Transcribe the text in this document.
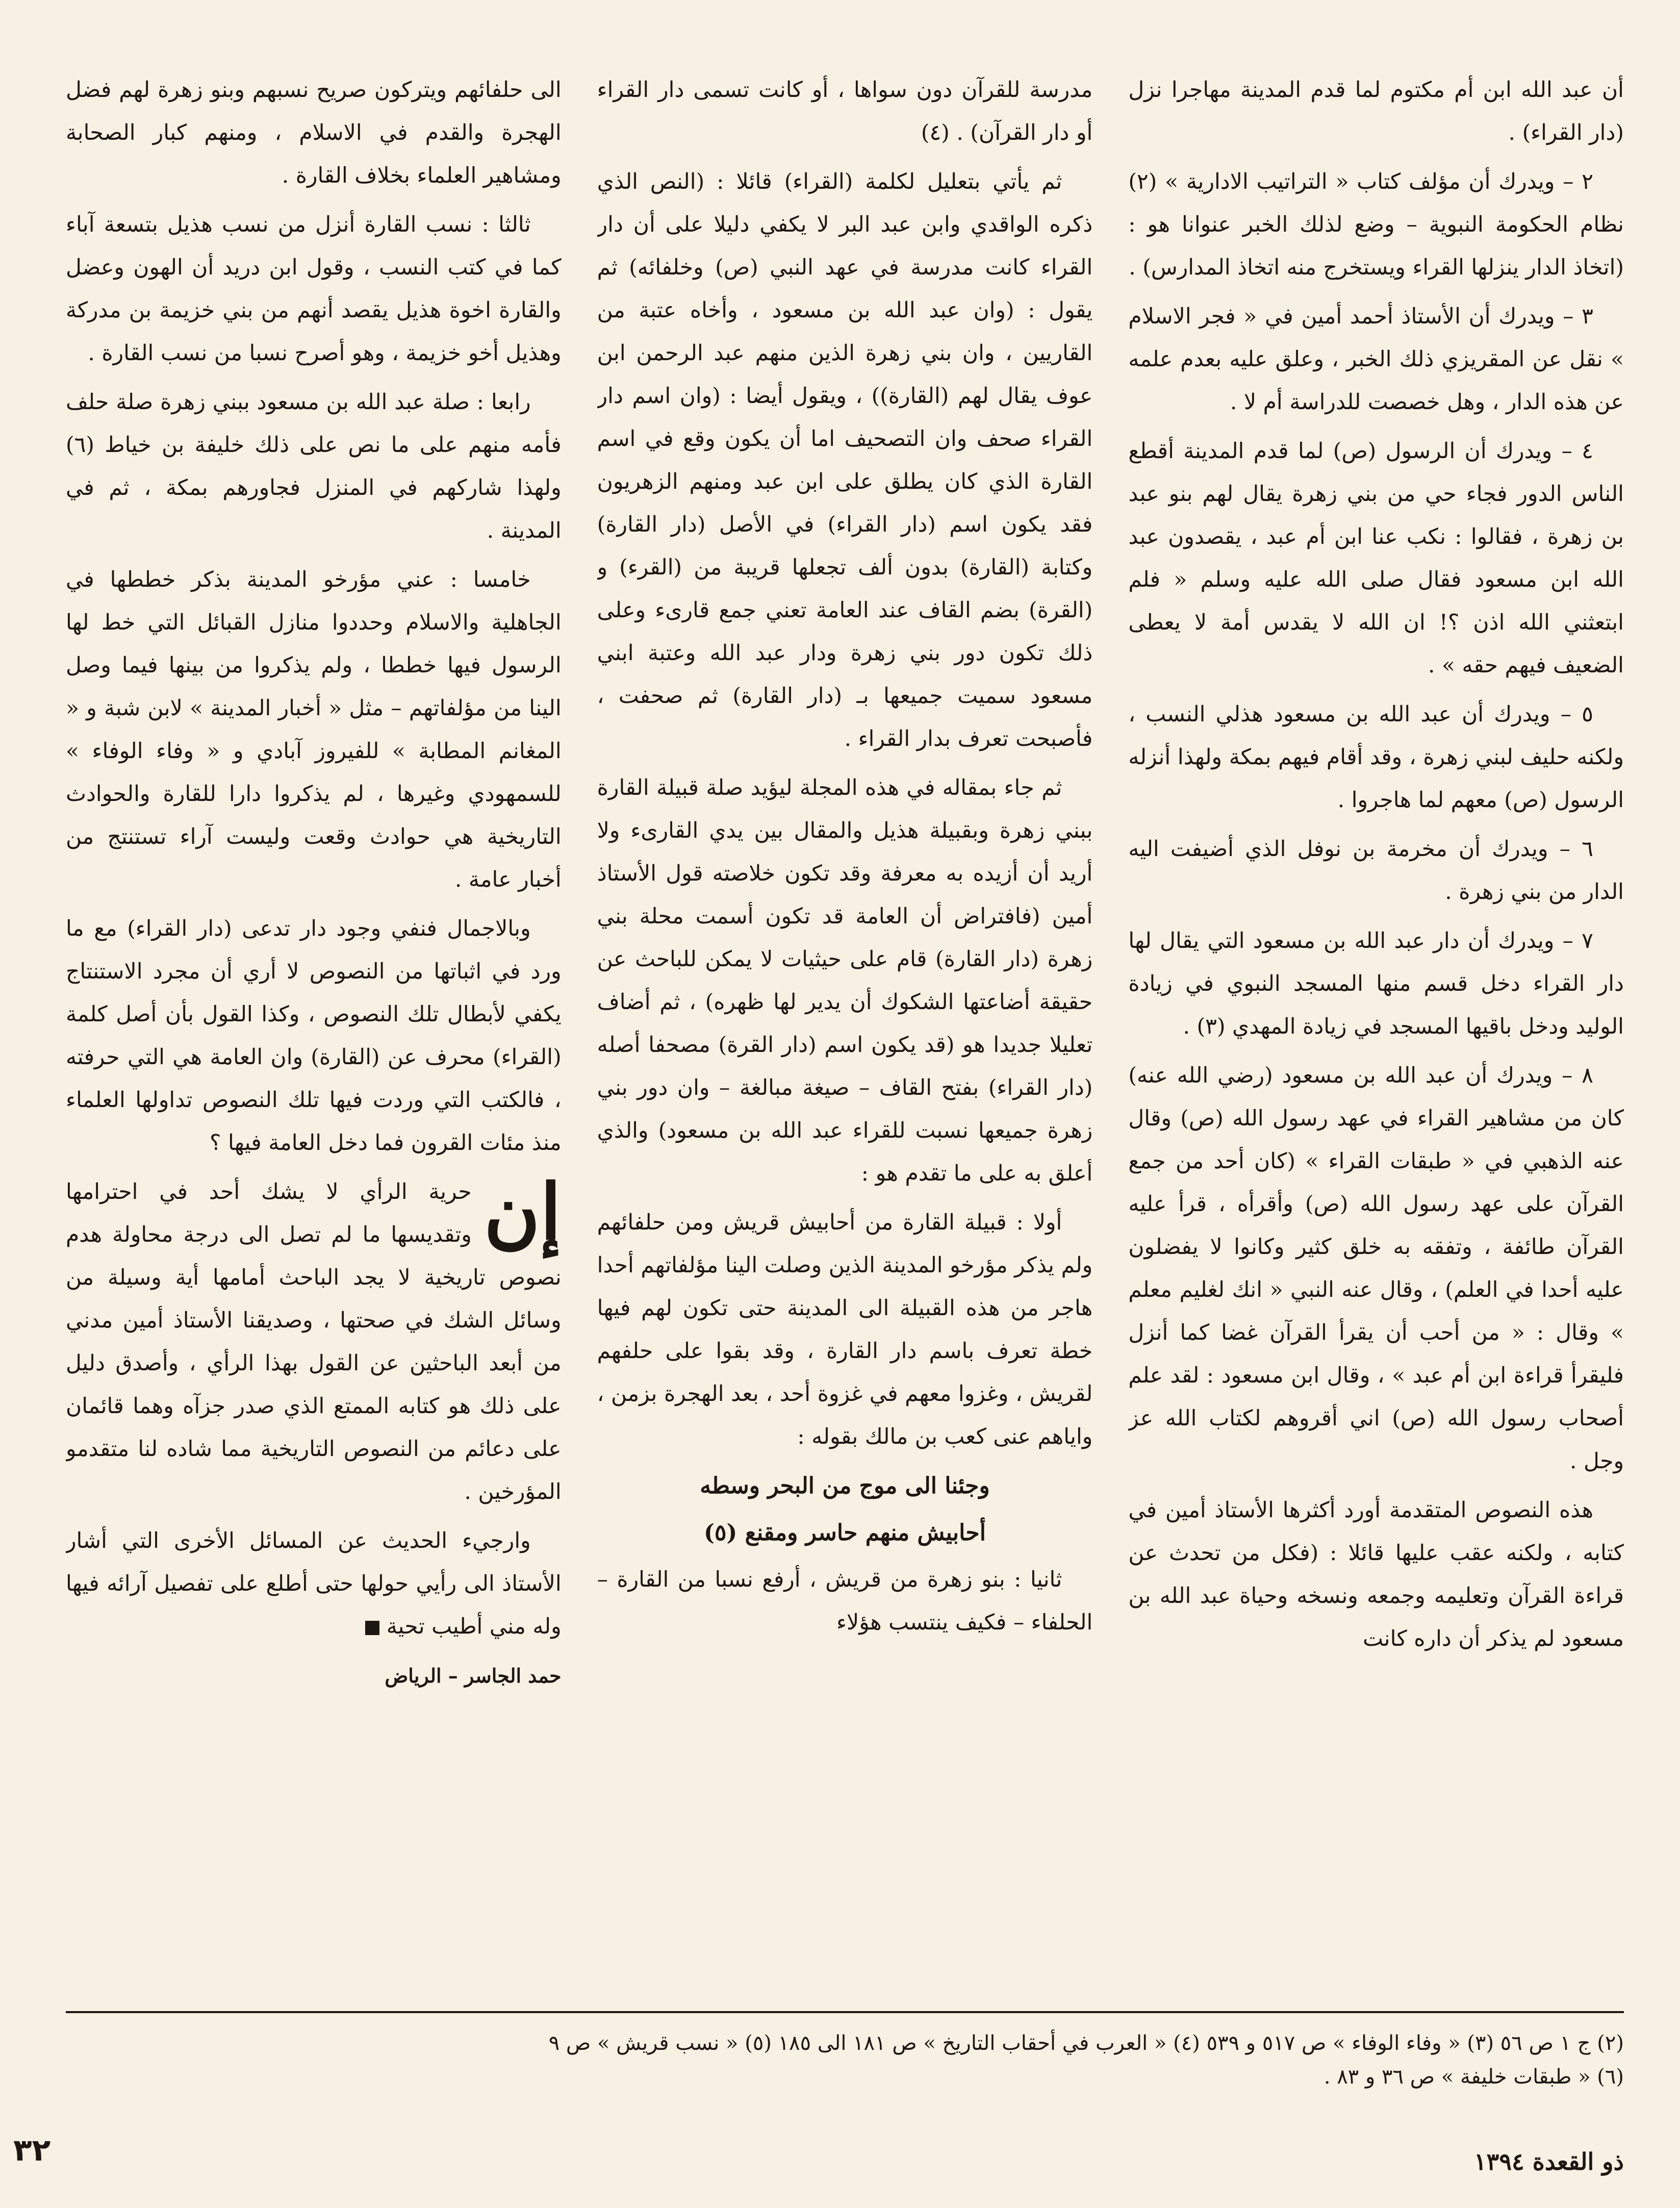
أن عبد الله ابن أم مكتوم لما قدم المدينة مهاجرا نزل (دار القراء) .

٢ – ويدرك أن مؤلف كتاب « التراتيب الادارية » (٢) نظام الحكومة النبوية – وضع لذلك الخبر عنوانا هو : (اتخاذ الدار ينزلها القراء ويستخرج منه اتخاذ المدارس) .

٣ – ويدرك أن الأستاذ أحمد أمين في « فجر الاسلام » نقل عن المقريزي ذلك الخبر ، وعلق عليه بعدم علمه عن هذه الدار ، وهل خصصت للدراسة أم لا .

٤ – ويدرك أن الرسول (ص) لما قدم المدينة أقطع الناس الدور فجاء حي من بني زهرة يقال لهم بنو عبد بن زهرة ، فقالوا : نكب عنا ابن أم عبد ، يقصدون عبد الله ابن مسعود فقال صلى الله عليه وسلم « فلم ابتعثني الله اذن ؟! ان الله لا يقدس أمة لا يعطى الضعيف فيهم حقه » .

٥ – ويدرك أن عبد الله بن مسعود هذلي النسب ، ولكنه حليف لبني زهرة ، وقد أقام فيهم بمكة ولهذا أنزله الرسول (ص) معهم لما هاجروا .

٦ – ويدرك أن مخرمة بن نوفل الذي أضيفت اليه الدار من بني زهرة .

٧ – ويدرك أن دار عبد الله بن مسعود التي يقال لها دار القراء دخل قسم منها المسجد النبوي في زيادة الوليد ودخل باقيها المسجد في زيادة المهدي (٣) .

٨ – ويدرك أن عبد الله بن مسعود (رضي الله عنه) كان من مشاهير القراء في عهد رسول الله (ص) وقال عنه الذهبي في « طبقات القراء » (كان أحد من جمع القرآن على عهد رسول الله (ص) وأقرأه ، قرأ عليه القرآن طائفة ، وتفقه به خلق كثير وكانوا لا يفضلون عليه أحدا في العلم) ، وقال عنه النبي « انك لغليم معلم » وقال : « من أحب أن يقرأ القرآن غضا كما أنزل فليقرأ قراءة ابن أم عبد » ، وقال ابن مسعود : لقد علم أصحاب رسول الله (ص) اني أقروهم لكتاب الله عز وجل .

هذه النصوص المتقدمة أورد أكثرها الأستاذ أمين في كتابه ، ولكنه عقب عليها قائلا : (فكل من تحدث عن قراءة القرآن وتعليمه وجمعه ونسخه وحياة عبد الله بن مسعود لم يذكر أن داره كانت

مدرسة للقرآن دون سواها ، أو كانت تسمى دار القراء أو دار القرآن) . (٤)

ثم يأتي بتعليل لكلمة (القراء) قائلا : (النص الذي ذكره الواقدي وابن عبد البر لا يكفي دليلا على أن دار القراء كانت مدرسة في عهد النبي (ص) وخلفائه) ثم يقول : (وان عبد الله بن مسعود ، وأخاه عتبة من القاريين ، وان بني زهرة الذين منهم عبد الرحمن ابن عوف يقال لهم (القارة)) ، ويقول أيضا : (وان اسم دار القراء صحف وان التصحيف اما أن يكون وقع في اسم القارة الذي كان يطلق على ابن عبد ومنهم الزهريون فقد يكون اسم (دار القراء) في الأصل (دار القارة) وكتابة (القارة) بدون ألف تجعلها قريبة من (القرء) و (القرة) بضم القاف عند العامة تعني جمع قارىء وعلى ذلك تكون دور بني زهرة ودار عبد الله وعتبة ابني مسعود سميت جميعها بـ (دار القارة) ثم صحفت ، فأصبحت تعرف بدار القراء .

ثم جاء بمقاله في هذه المجلة ليؤيد صلة قبيلة القارة ببني زهرة وبقبيلة هذيل والمقال بين يدي القارىء ولا أريد أن أزيده به معرفة وقد تكون خلاصته قول الأستاذ أمين (فافتراض أن العامة قد تكون أسمت محلة بني زهرة (دار القارة) قام على حيثيات لا يمكن للباحث عن حقيقة أضاعتها الشكوك أن يدير لها ظهره) ، ثم أضاف تعليلا جديدا هو (قد يكون اسم (دار القرة) مصحفا أصله (دار القراء) بفتح القاف – صيغة مبالغة – وان دور بني زهرة جميعها نسبت للقراء عبد الله بن مسعود) والذي أعلق به على ما تقدم هو :

أولا : قبيلة القارة من أحابيش قريش ومن حلفائهم ولم يذكر مؤرخو المدينة الذين وصلت الينا مؤلفاتهم أحدا هاجر من هذه القبيلة الى المدينة حتى تكون لهم فيها خطة تعرف باسم دار القارة ، وقد بقوا على حلفهم لقريش ، وغزوا معهم في غزوة أحد ، بعد الهجرة بزمن ، واياهم عنى كعب بن مالك بقوله :

وجئنا الى موج من البحر وسطه

أحابيش منهم حاسر ومقنع (٥)

ثانيا : بنو زهرة من قريش ، أرفع نسبا من القارة – الحلفاء – فكيف ينتسب هؤلاء

الى حلفائهم ويتركون صريح نسبهم وبنو زهرة لهم فضل الهجرة والقدم في الاسلام ، ومنهم كبار الصحابة ومشاهير العلماء بخلاف القارة .

ثالثا : نسب القارة أنزل من نسب هذيل بتسعة آباء كما في كتب النسب ، وقول ابن دريد أن الهون وعضل والقارة اخوة هذيل يقصد أنهم من بني خزيمة بن مدركة وهذيل أخو خزيمة ، وهو أصرح نسبا من نسب القارة .

رابعا : صلة عبد الله بن مسعود ببني زهرة صلة حلف فأمه منهم على ما نص على ذلك خليفة بن خياط (٦) ولهذا شاركهم في المنزل فجاورهم بمكة ، ثم في المدينة .

خامسا : عني مؤرخو المدينة بذكر خططها في الجاهلية والاسلام وحددوا منازل القبائل التي خط لها الرسول فيها خططا ، ولم يذكروا من بينها فيما وصل الينا من مؤلفاتهم – مثل « أخبار المدينة » لابن شبة و « المغانم المطابة » للفيروز آبادي و « وفاء الوفاء » للسمهودي وغيرها ، لم يذكروا دارا للقارة والحوادث التاريخية هي حوادث وقعت وليست آراء تستنتج من أخبار عامة .

وبالاجمال فنفي وجود دار تدعى (دار القراء) مع ما ورد في اثباتها من النصوص لا أري أن مجرد الاستنتاج يكفي لأبطال تلك النصوص ، وكذا القول بأن أصل كلمة (القراء) محرف عن (القارة) وان العامة هي التي حرفته ، فالكتب التي وردت فيها تلك النصوص تداولها العلماء منذ مئات القرون فما دخل العامة فيها ؟

إن
حرية الرأي لا يشك أحد في احترامها وتقديسها ما لم تصل الى درجة محاولة هدم نصوص تاريخية لا يجد الباحث أمامها أية وسيلة من وسائل الشك في صحتها ، وصديقنا الأستاذ أمين مدني من أبعد الباحثين عن القول بهذا الرأي ، وأصدق دليل على ذلك هو كتابه الممتع الذي صدر جزآه وهما قائمان على دعائم من النصوص التاريخية مما شاده لنا متقدمو المؤرخين .

وارجيء الحديث عن المسائل الأخرى التي أشار الأستاذ الى رأيي حولها حتى أطلع على تفصيل آرائه فيها وله مني أطيب تحية

حمد الجاسر – الرياض

(٢) ج ١ ص ٥٦ (٣) « وفاء الوفاء » ص ٥١٧ و ٥٣٩ (٤) « العرب في أحقاب التاريخ » ص ١٨١ الى ١٨٥ (٥) « نسب قريش » ص ٩
(٦) « طبقات خليفة » ص ٣٦ و ٨٣ .
ذو القعدة ١٣٩٤
٣٢
